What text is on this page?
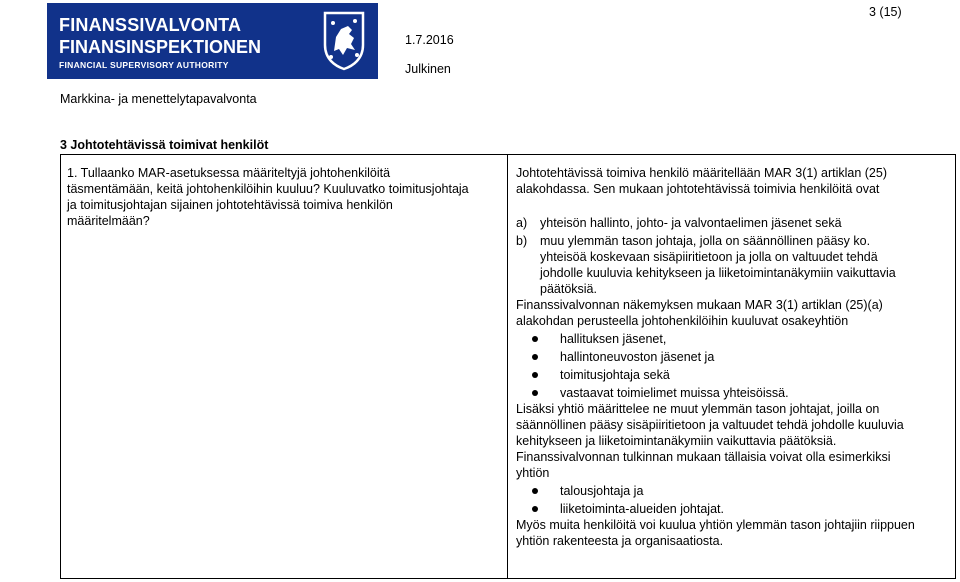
FINANSSIVALVONTA
FINANSINSPEKTIONEN
FINANCIAL SUPERVISORY AUTHORITY
3 (15)
1.7.2016
Julkinen
Markkina- ja menettelytapavalvonta
3 Johtotehtävissä toimivat henkilöt
1. Tullaanko MAR-asetuksessa määriteltyjä johtohenkilöitä
täsmentämään, keitä johtohenkilöihin kuuluu? Kuuluvatko toimitusjohtaja
ja toimitusjohtajan sijainen johtotehtävissä toimiva henkilön
määritelmään?

Johtotehtävissä toimiva henkilö määritellään MAR 3(1) artiklan (25)

alakohdassa. Sen mukaan johtotehtävissä toimivia henkilöitä ovat

a)	yhteisön hallinto, johto- ja valvontaelimen jäsenet sekä
b)	muu ylemmän tason johtaja, jolla on säännöllinen pääsy ko.
yhteisöä koskevaan sisäpiiritietoon ja jolla on valtuudet tehdä
johdolle kuuluvia kehitykseen ja liiketoimintanäkymiin vaikuttavia
päätöksiä.

Finanssivalvonnan näkemyksen mukaan MAR 3(1) artiklan (25)(a)

alakohdan perusteella johtohenkilöihin kuuluvat osakeyhtiön

hallituksen jäsenet,
hallintoneuvoston jäsenet ja
toimitusjohtaja sekä
vastaavat toimielimet muissa yhteisöissä.

Lisäksi yhtiö määrittelee ne muut ylemmän tason johtajat, joilla on

säännöllinen pääsy sisäpiiritietoon ja valtuudet tehdä johdolle kuuluvia

kehitykseen ja liiketoimintanäkymiin vaikuttavia päätöksiä.

Finanssivalvonnan tulkinnan mukaan tällaisia voivat olla esimerkiksi

yhtiön

talousjohtaja ja
liiketoiminta-alueiden johtajat.

Myös muita henkilöitä voi kuulua yhtiön ylemmän tason johtajiin riippuen

yhtiön rakenteesta ja organisaatiosta.
